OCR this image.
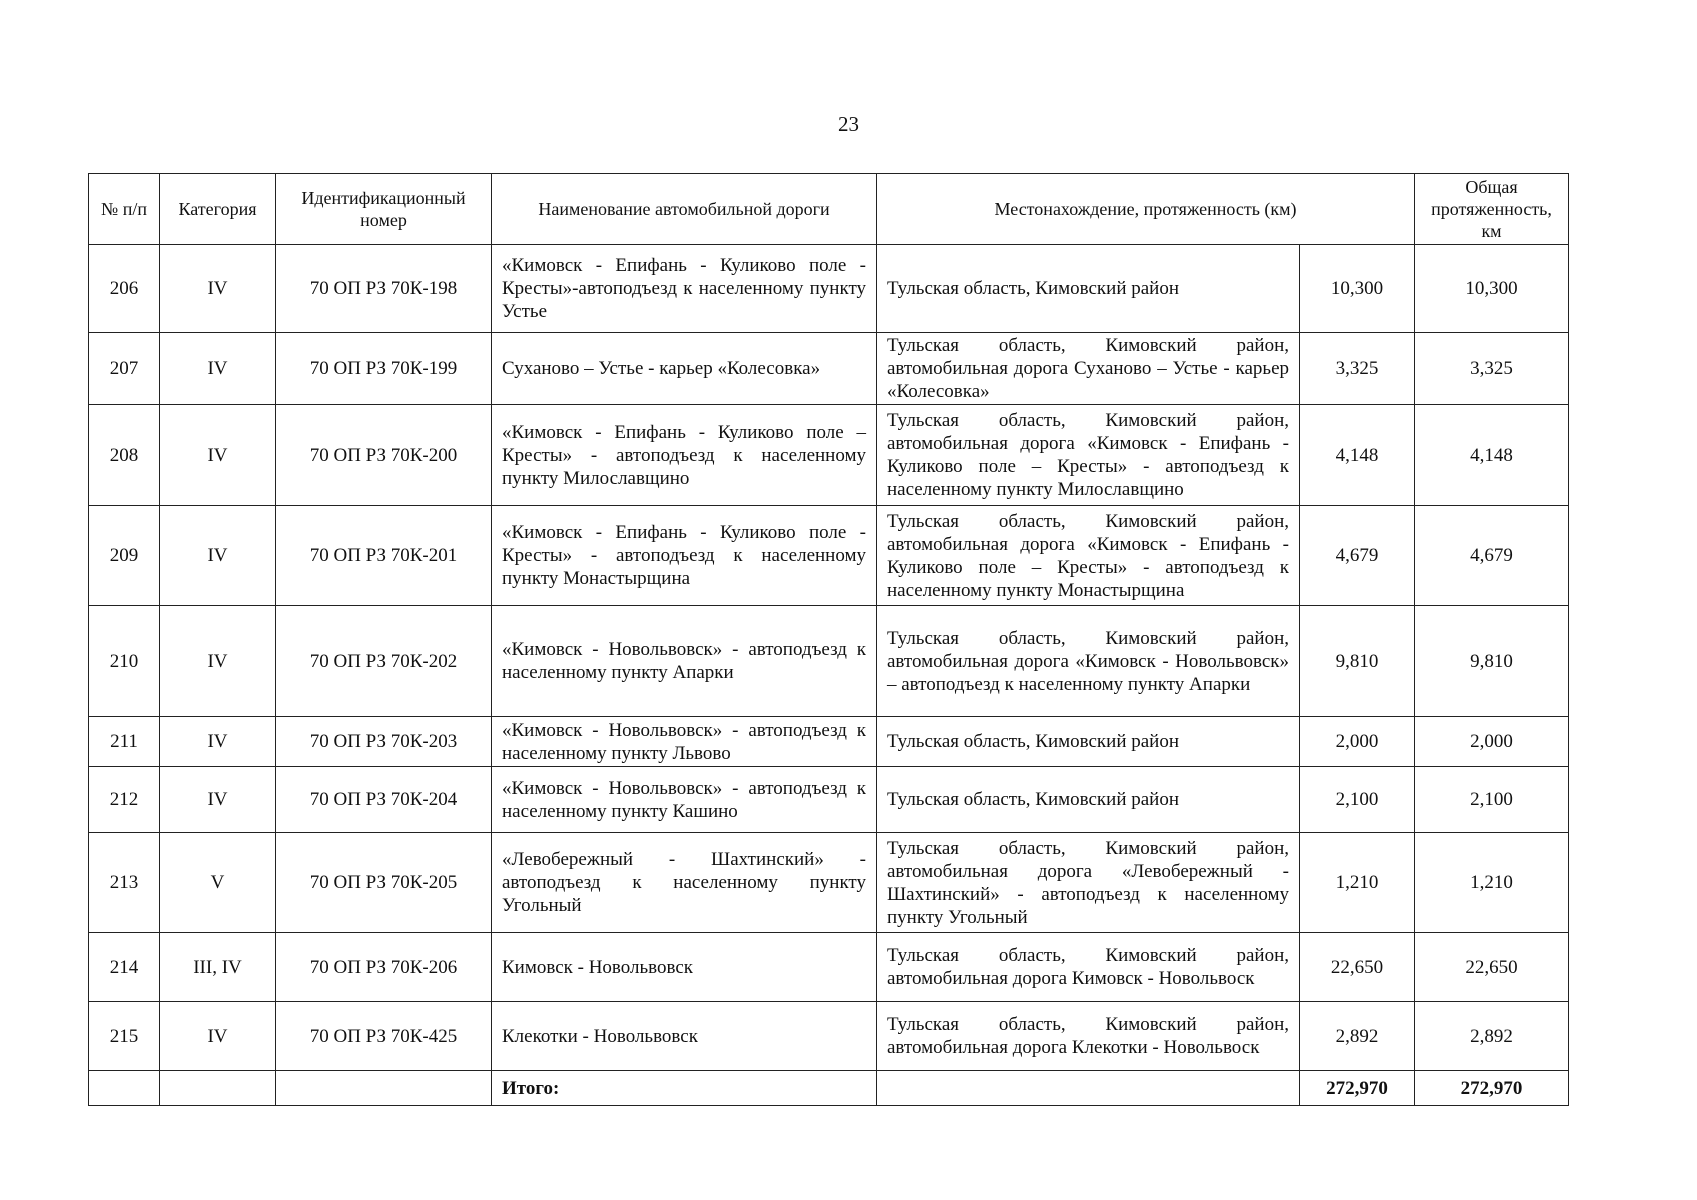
23
№ п/п	Категория	Идентификационный номер	Наименование автомобильной дороги	Местонахождение, протяженность (км)		Общая протяженность, км
206	IV	70 ОП РЗ 70К-198	«Кимовск - Епифань - Куликово поле - Кресты»-автоподъезд к населенному пункту Устье	Тульская область, Кимовский район	10,300	10,300
207	IV	70 ОП РЗ 70К-199	Суханово – Устье - карьер «Колесовка»	Тульская область, Кимовский район, автомобильная дорога Суханово – Устье - карьер «Колесовка»	3,325	3,325
208	IV	70 ОП РЗ 70К-200	«Кимовск - Епифань - Куликово поле – Кресты» - автоподъезд к населенному пункту Милославщино	Тульская область, Кимовский район, автомобильная дорога «Кимовск - Епифань - Куликово поле – Кресты» - автоподъезд к населенному пункту Милославщино	4,148	4,148
209	IV	70 ОП РЗ 70К-201	«Кимовск - Епифань - Куликово поле - Кресты» - автоподъезд к населенному пункту Монастырщина	Тульская область, Кимовский район, автомобильная дорога «Кимовск - Епифань - Куликово поле – Кресты» - автоподъезд к населенному пункту Монастырщина	4,679	4,679
210	IV	70 ОП РЗ 70К-202	«Кимовск - Новольвовск» - автоподъезд к населенному пункту Апарки	Тульская область, Кимовский район, автомобильная дорога «Кимовск - Новольвовск» – автоподъезд к населенному пункту Апарки	9,810	9,810
211	IV	70 ОП РЗ 70К-203	«Кимовск - Новольвовск» - автоподъезд к населенному пункту Львово	Тульская область, Кимовский район	2,000	2,000
212	IV	70 ОП РЗ 70К-204	«Кимовск - Новольвовск» - автоподъезд к населенному пункту Кашино	Тульская область, Кимовский район	2,100	2,100
213	V	70 ОП РЗ 70К-205	«Левобережный - Шахтинский» - автоподъезд к населенному пункту Угольный	Тульская область, Кимовский район, автомобильная дорога «Левобережный - Шахтинский» - автоподъезд к населенному пункту Угольный	1,210	1,210
214	III, IV	70 ОП РЗ 70К-206	Кимовск - Новольвовск	Тульская область, Кимовский район, автомобильная дорога Кимовск - Новольвоск	22,650	22,650
215	IV	70 ОП РЗ 70К-425	Клекотки - Новольвовск	Тульская область, Кимовский район, автомобильная дорога Клекотки - Новольвоск	2,892	2,892
			Итого:		272,970	272,970
